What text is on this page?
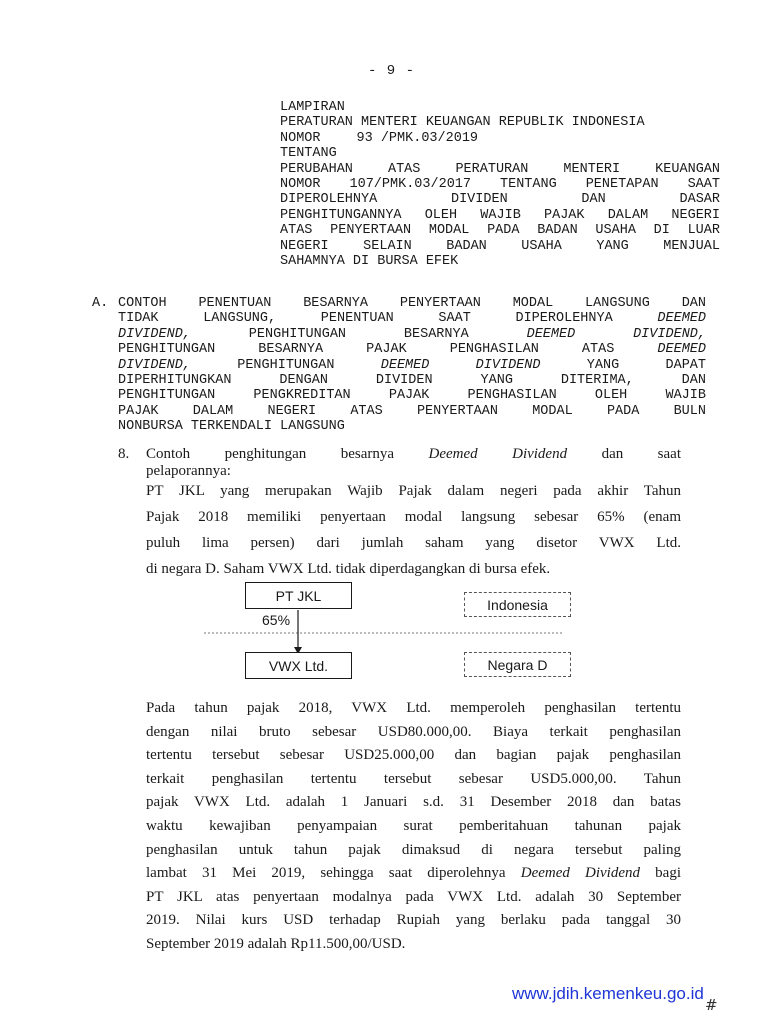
- 9 -
LAMPIRAN
PERATURAN MENTERI KEUANGAN REPUBLIK INDONESIA
NOMOR	93 /PMK.03/2019
TENTANG
PERUBAHAN ATAS PERATURAN MENTERI KEUANGAN
NOMOR 107/PMK.03/2017 TENTANG PENETAPAN SAAT
DIPEROLEHNYA DIVIDEN DAN DASAR
PENGHITUNGANNYA OLEH WAJIB PAJAK DALAM NEGERI
ATAS PENYERTAAN MODAL PADA BADAN USAHA DI LUAR
NEGERI SELAIN BADAN USAHA YANG MENJUAL
SAHAMNYA DI BURSA EFEK
A. CONTOH PENENTUAN BESARNYA PENYERTAAN MODAL LANGSUNG DAN
TIDAK LANGSUNG, PENENTUAN SAAT DIPEROLEHNYA DEEMED
DIVIDEND, PENGHITUNGAN BESARNYA DEEMED DIVIDEND,
PENGHITUNGAN BESARNYA PAJAK PENGHASILAN ATAS DEEMED
DIVIDEND, PENGHITUNGAN DEEMED DIVIDEND YANG DAPAT
DIPERHITUNGKAN DENGAN DIVIDEN YANG DITERIMA, DAN
PENGHITUNGAN PENGKREDITAN PAJAK PENGHASILAN OLEH WAJIB
PAJAK DALAM NEGERI ATAS PENYERTAAN MODAL PADA BULN
NONBURSA TERKENDALI LANGSUNG
8. Contoh penghitungan besarnya Deemed Dividend dan saat
pelaporannya:
PT JKL yang merupakan Wajib Pajak dalam negeri pada akhir Tahun
Pajak 2018 memiliki penyertaan modal langsung sebesar 65% (enam
puluh lima persen) dari jumlah saham yang disetor VWX Ltd.
di negara D. Saham VWX Ltd. tidak diperdagangkan di bursa efek.
PT JKL
65%
VWX Ltd.
Indonesia
Negara D
Pada tahun pajak 2018, VWX Ltd. memperoleh penghasilan tertentu
dengan nilai bruto sebesar USD80.000,00. Biaya terkait penghasilan
tertentu tersebut sebesar USD25.000,00 dan bagian pajak penghasilan
terkait penghasilan tertentu tersebut sebesar USD5.000,00. Tahun
pajak VWX Ltd. adalah 1 Januari s.d. 31 Desember 2018 dan batas
waktu kewajiban penyampaian surat pemberitahuan tahunan pajak
penghasilan untuk tahun pajak dimaksud di negara tersebut paling
lambat 31 Mei 2019, sehingga saat diperolehnya Deemed Dividend bagi
PT JKL atas penyertaan modalnya pada VWX Ltd. adalah 30 September
2019. Nilai kurs USD terhadap Rupiah yang berlaku pada tanggal 30
September 2019 adalah Rp11.500,00/USD.
www.jdih.kemenkeu.go.id
#
